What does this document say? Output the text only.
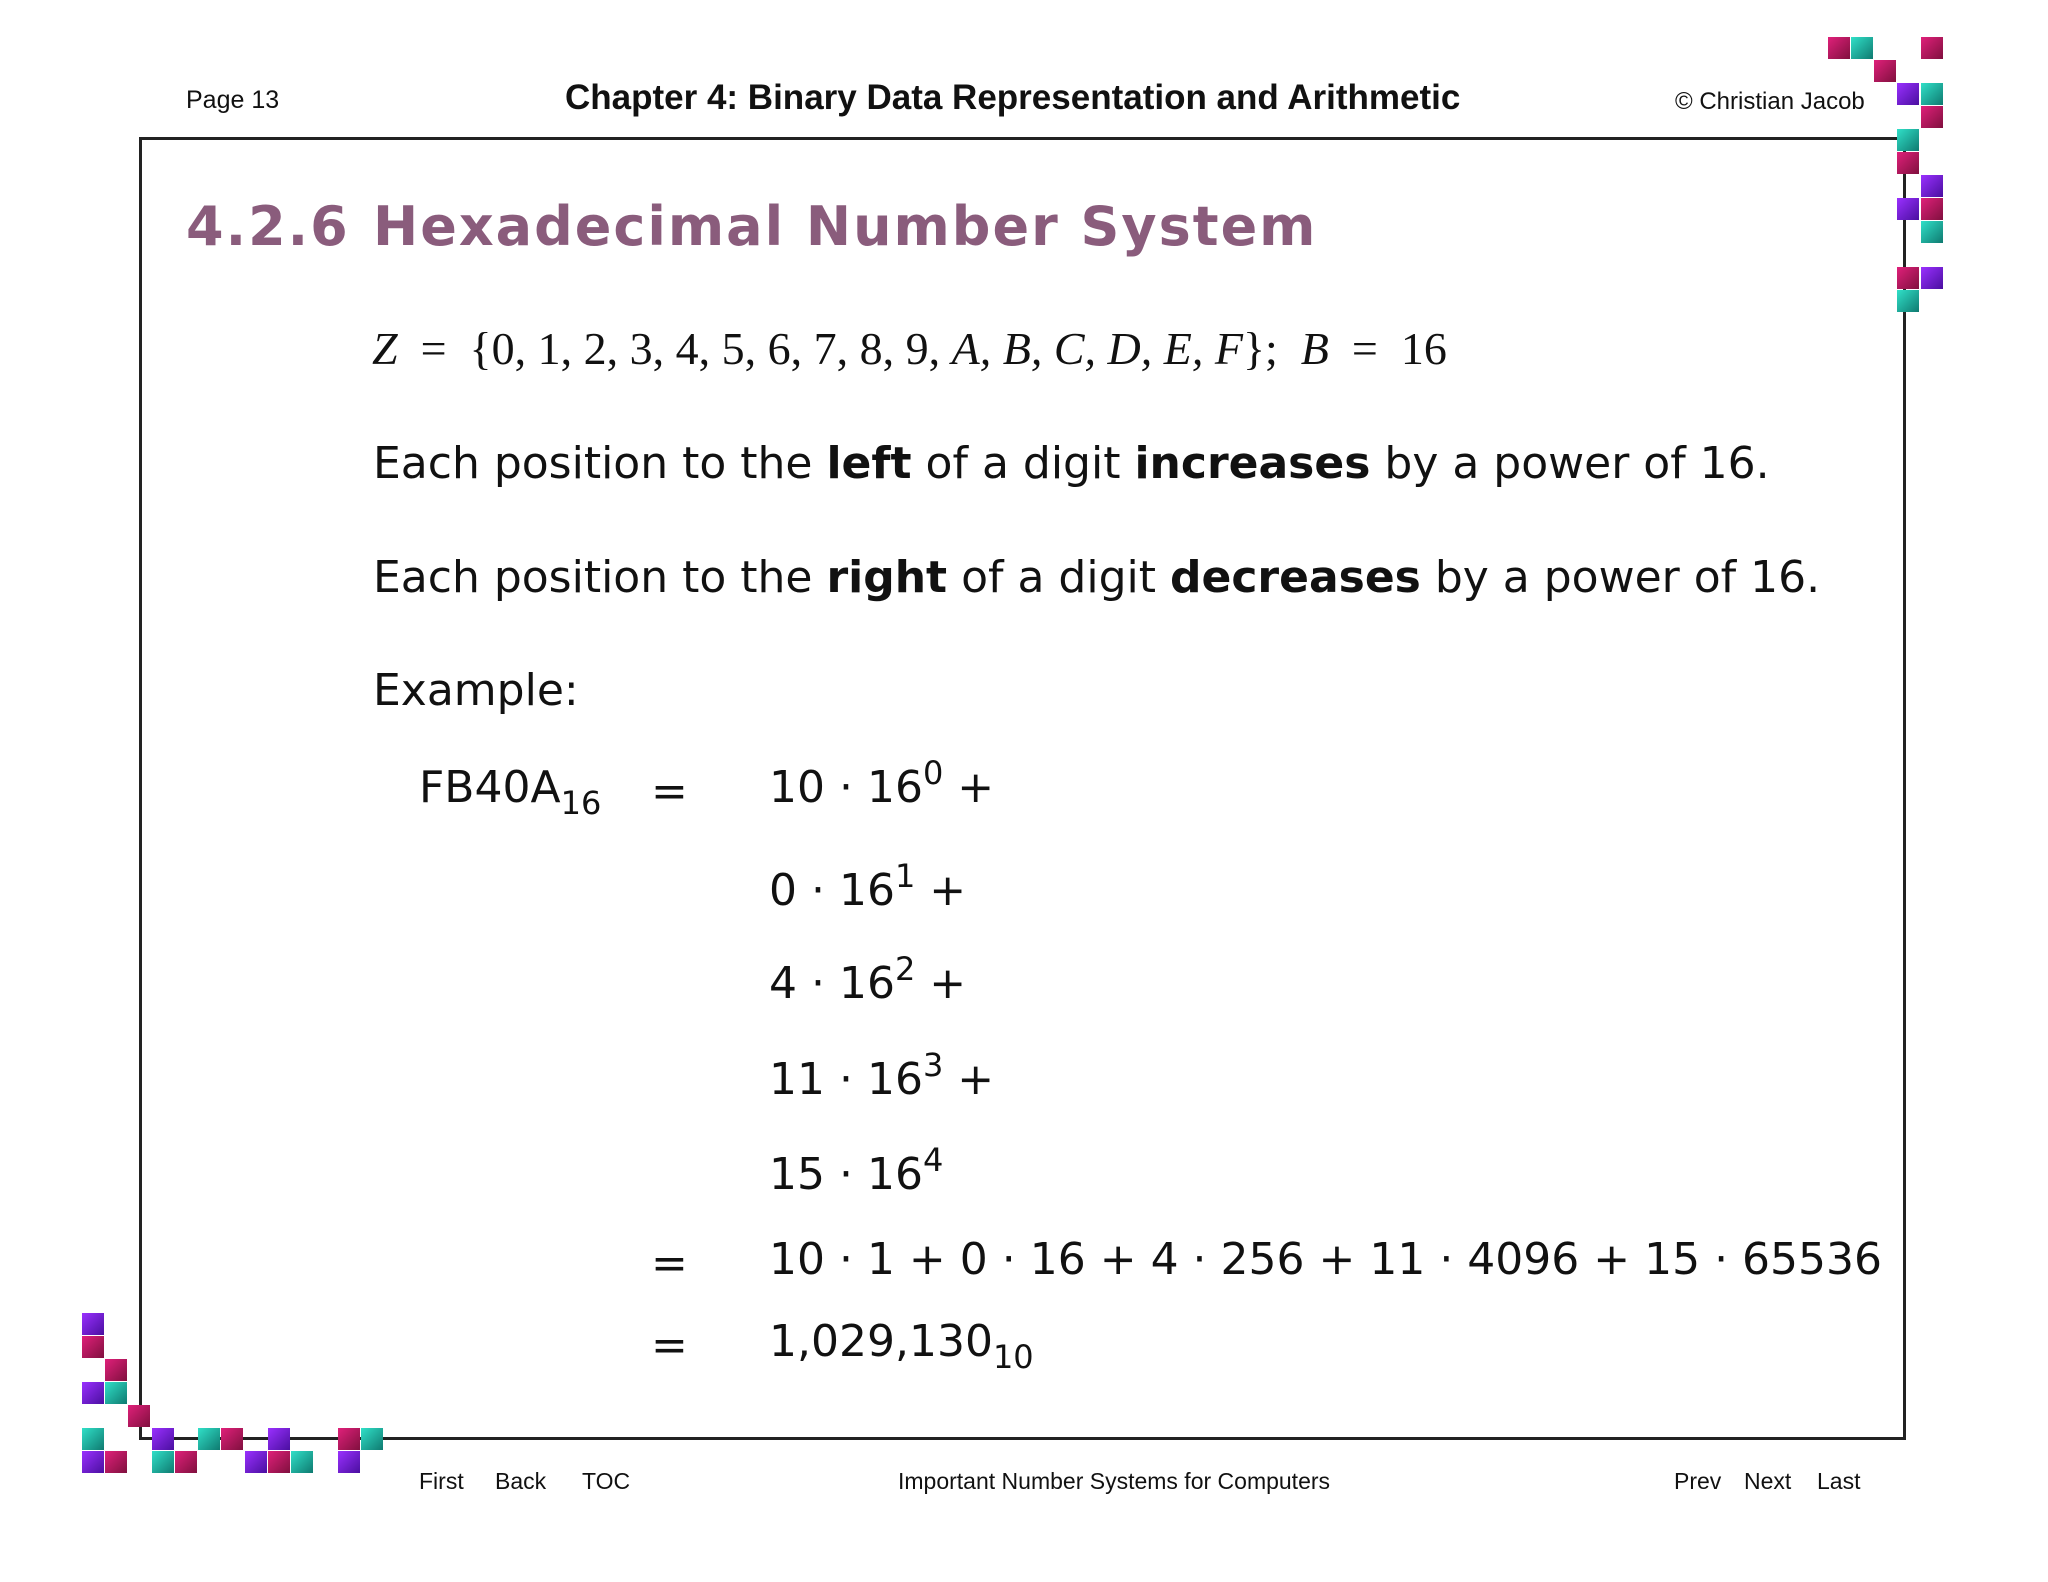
Page 13	Chapter 4: Binary Data Representation and Arithmetic	© Christian Jacob
4.2.6 Hexadecimal Number System
Z = {0, 1, 2, 3, 4, 5, 6, 7, 8, 9, A, B, C, D, E, F};  B = 16
Each position to the left of a digit increases by a power of 16.
Each position to the right of a digit decreases by a power of 16.
Example:
$FB40A_{16} = 10 \cdot 16^0$ +
$0 \cdot 16^1$ +
$4 \cdot 16^2$ +
$11 \cdot 16^3$ +
$15 \cdot 16^4$
= 10 · 1 + 0 · 16 + 4 · 256 + 11 · 4096 + 15 · 65536
= $1,029,130_{10}$
First Back TOC	Important Number Systems for Computers	Prev Next Last
